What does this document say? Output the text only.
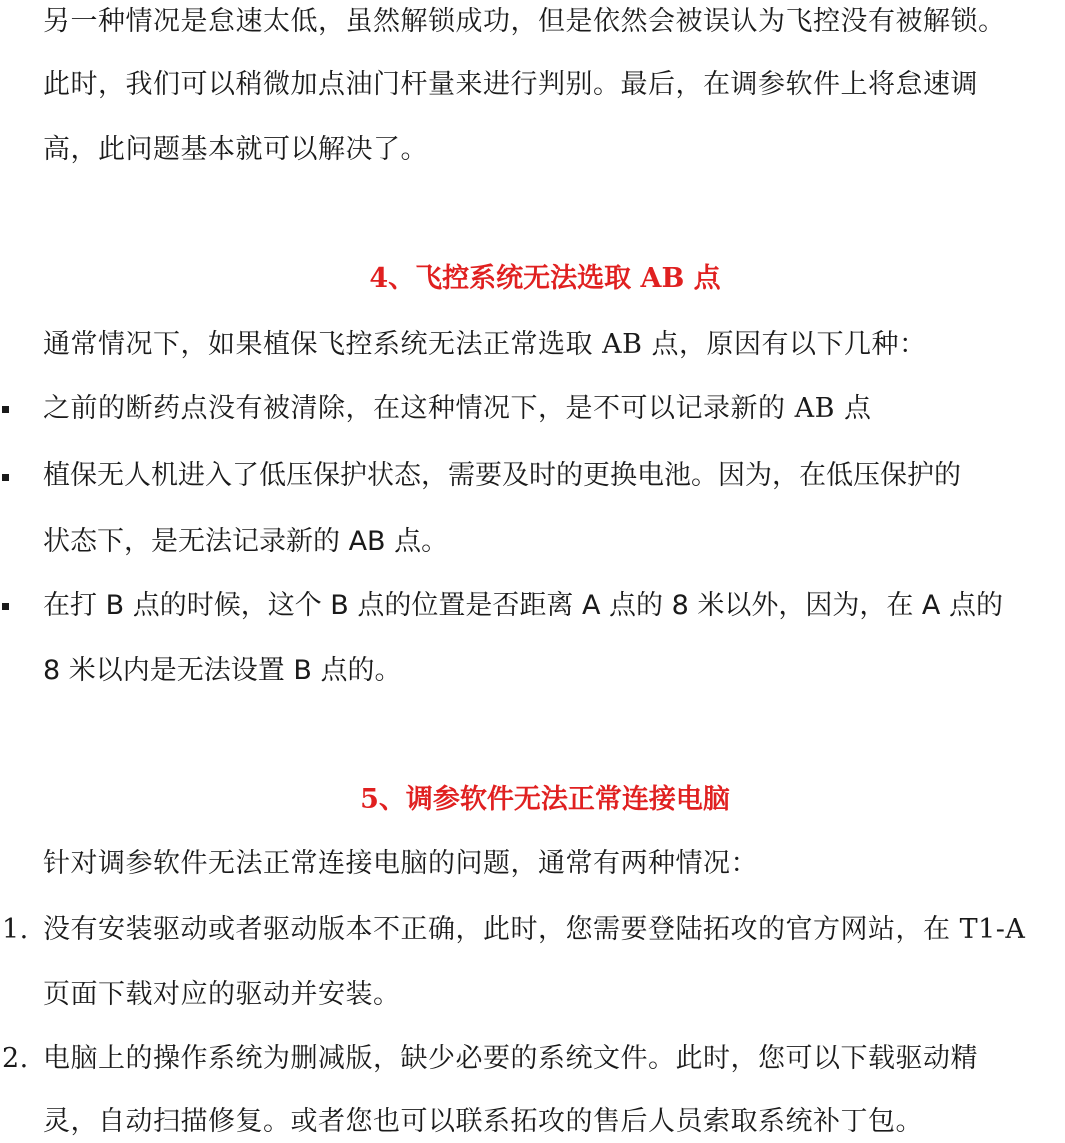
另一种情况是怠速太低，虽然解锁成功，但是依然会被误认为飞控没有被解锁。
此时，我们可以稍微加点油门杆量来进行判别。最后，在调参软件上将怠速调
高，此问题基本就可以解决了。
4、飞控系统无法选取 AB 点
通常情况下，如果植保飞控系统无法正常选取 AB 点，原因有以下几种：
之前的断药点没有被清除，在这种情况下，是不可以记录新的 AB 点
植保无人机进入了低压保护状态，需要及时的更换电池。因为，在低压保护的
状态下，是无法记录新的 AB 点。
在打 B 点的时候，这个 B 点的位置是否距离 A 点的 8 米以外，因为，在 A 点的
8 米以内是无法设置 B 点的。
5、调参软件无法正常连接电脑
针对调参软件无法正常连接电脑的问题，通常有两种情况：
1. 没有安装驱动或者驱动版本不正确，此时，您需要登陆拓攻的官方网站，在 T1-A
页面下载对应的驱动并安装。
2. 电脑上的操作系统为删减版，缺少必要的系统文件。此时，您可以下载驱动精
灵，自动扫描修复。或者您也可以联系拓攻的售后人员索取系统补丁包。
